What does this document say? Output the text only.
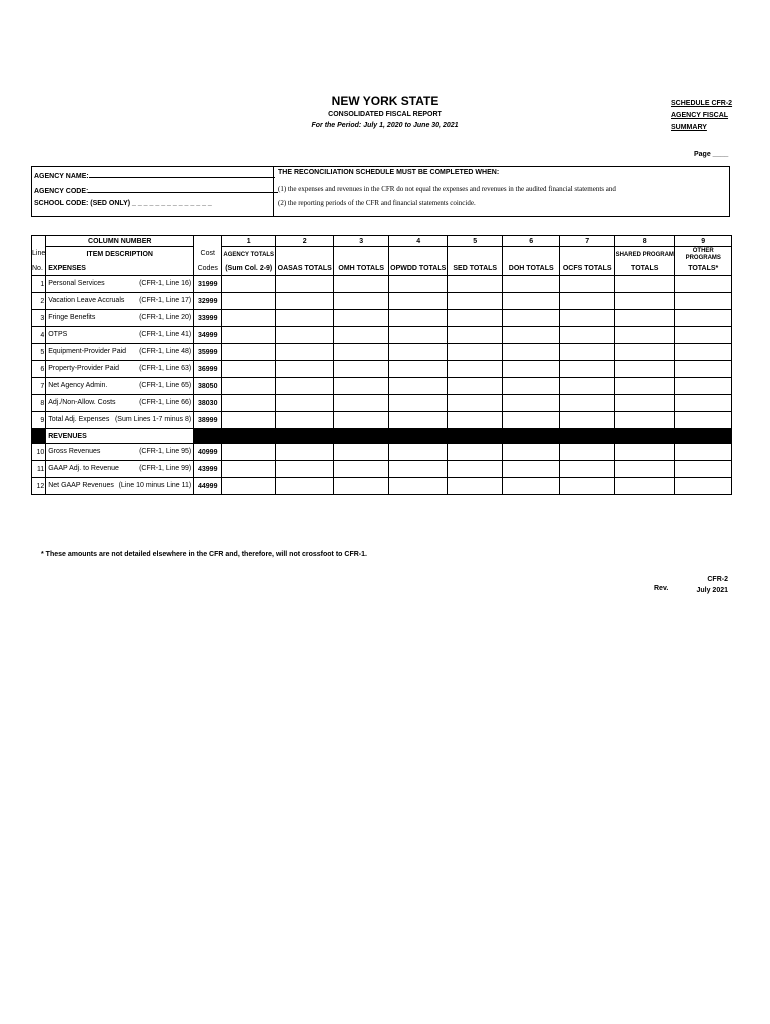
NEW YORK STATE
CONSOLIDATED FISCAL REPORT
For the Period: July 1, 2020 to June 30, 2021
SCHEDULE CFR-2
AGENCY FISCAL
SUMMARY
Page ____
AGENCY NAME:
AGENCY CODE:
SCHOOL CODE: (SED ONLY) _ _ _ _ _ _ _ _ _ _ _ _ _ _
THE RECONCILIATION SCHEDULE MUST BE COMPLETED WHEN:
(1) the expenses and revenues in the CFR do not equal the expenses and revenues in the audited financial statements and
(2) the reporting periods of the CFR and financial statements coincide.
	COLUMN NUMBER		1	2	3	4	5	6	7	8	9
Line	ITEM DESCRIPTION	Cost	AGENCY TOTALS							SHARED PROGRAM	OTHER PROGRAMS
No.	EXPENSES	Codes	(Sum Col. 2-9)	OASAS TOTALS	OMH TOTALS	OPWDD TOTALS	SED TOTALS	DOH TOTALS	OCFS TOTALS	TOTALS	TOTALS*

1	Personal Services (CFR-1, Line 16)	31999									

2	Vacation Leave Accruals (CFR-1, Line 17)	32999									

3	Fringe Benefits (CFR-1, Line 20)	33999									

4	OTPS (CFR-1, Line 41)	34999									

5	Equipment-Provider Paid (CFR-1, Line 48)	35999									

6	Property-Provider Paid (CFR-1, Line 63)	36999									

7	Net Agency Admin. (CFR-1, Line 65)	38050									

8	Adj./Non-Allow. Costs (CFR-1, Line 66)	38030									

9	Total Adj. Expenses (Sum Lines 1-7 minus 8)	38999									
	REVENUES										

10	Gross Revenues (CFR-1, Line 95)	40999									

11	GAAP Adj. to Revenue (CFR-1, Line 99)	43999									

12	Net GAAP Revenues (Line 10 minus Line 11)	44999									
* These amounts are not detailed elsewhere in the CFR and, therefore, will not crossfoot to CFR-1.
Rev.
CFR-2
July 2021
